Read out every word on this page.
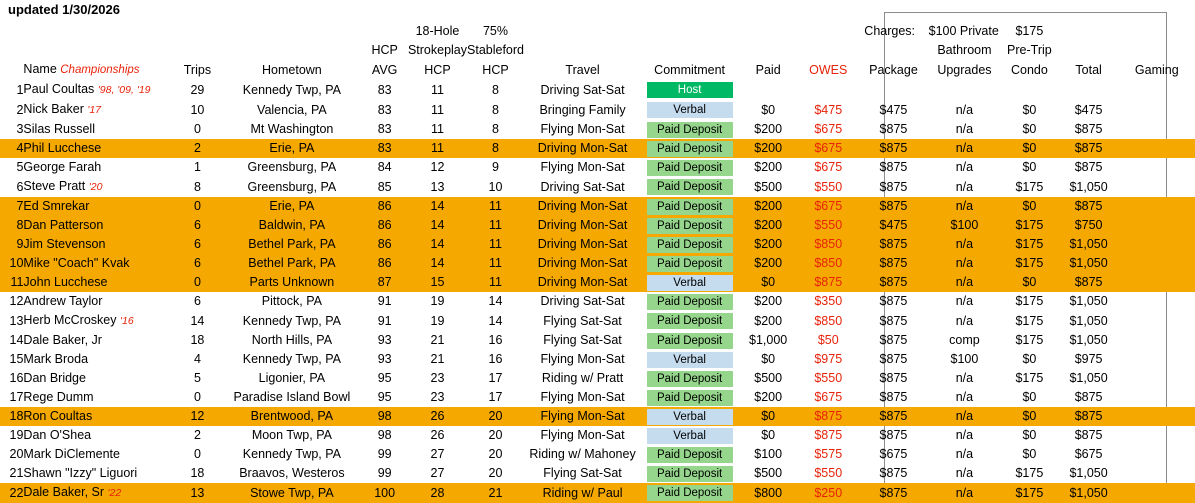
updated 1/30/2026
					18-Hole	75%					Charges:	$100 Private	$175		
				HCP	Strokeplay	Stableford						Bathroom	Pre-Trip		
	Name Championships	Trips	Hometown	AVG	HCP	HCP	Travel	Commitment	Paid	OWES	Package	Upgrades	Condo	Total	Gaming
1	Paul Coultas '98, '09, '19	29	Kennedy Twp, PA	83	11	8	Driving Sat-Sat	Host							

2	Nick Baker '17	10	Valencia, PA	83	11	8	Bringing Family	Verbal	$0	$475	$475	n/a	$0	$475	
3	Silas Russell	0	Mt Washington	83	11	8	Flying Mon-Sat	Paid Deposit	$200	$675	$875	n/a	$0	$875	
4	Phil Lucchese	2	Erie, PA	83	11	8	Driving Mon-Sat	Paid Deposit	$200	$675	$875	n/a	$0	$875	
5	George Farah	1	Greensburg, PA	84	12	9	Flying Mon-Sat	Paid Deposit	$200	$675	$875	n/a	$0	$875	
6	Steve Pratt '20	8	Greensburg, PA	85	13	10	Driving Sat-Sat	Paid Deposit	$500	$550	$875	n/a	$175	$1,050	
7	Ed Smrekar	0	Erie, PA	86	14	11	Driving Mon-Sat	Paid Deposit	$200	$675	$875	n/a	$0	$875	
8	Dan Patterson	6	Baldwin, PA	86	14	11	Driving Mon-Sat	Paid Deposit	$200	$550	$475	$100	$175	$750	
9	Jim Stevenson	6	Bethel Park, PA	86	14	11	Driving Mon-Sat	Paid Deposit	$200	$850	$875	n/a	$175	$1,050	
10	Mike "Coach" Kvak	6	Bethel Park, PA	86	14	11	Driving Mon-Sat	Paid Deposit	$200	$850	$875	n/a	$175	$1,050	
11	John Lucchese	0	Parts Unknown	87	15	11	Driving Mon-Sat	Verbal	$0	$875	$875	n/a	$0	$875	
12	Andrew Taylor	6	Pittock, PA	91	19	14	Driving Sat-Sat	Paid Deposit	$200	$350	$875	n/a	$175	$1,050	
13	Herb McCroskey '16	14	Kennedy Twp, PA	91	19	14	Flying Sat-Sat	Paid Deposit	$200	$850	$875	n/a	$175	$1,050	
14	Dale Baker, Jr	18	North Hills, PA	93	21	16	Flying Sat-Sat	Paid Deposit	$1,000	$50	$875	comp	$175	$1,050	
15	Mark Broda	4	Kennedy Twp, PA	93	21	16	Flying Mon-Sat	Verbal	$0	$975	$875	$100	$0	$975	
16	Dan Bridge	5	Ligonier, PA	95	23	17	Riding w/ Pratt	Paid Deposit	$500	$550	$875	n/a	$175	$1,050	
17	Rege Dumm	0	Paradise Island Bowl	95	23	17	Flying Mon-Sat	Paid Deposit	$200	$675	$875	n/a	$0	$875	
18	Ron Coultas	12	Brentwood, PA	98	26	20	Flying Mon-Sat	Verbal	$0	$875	$875	n/a	$0	$875	
19	Dan O'Shea	2	Moon Twp, PA	98	26	20	Flying Mon-Sat	Verbal	$0	$875	$875	n/a	$0	$875	
20	Mark DiClemente	0	Kennedy Twp, PA	99	27	20	Riding w/ Mahoney	Paid Deposit	$100	$575	$675	n/a	$0	$675	
21	Shawn "Izzy" Liguori	18	Braavos, Westeros	99	27	20	Flying Sat-Sat	Paid Deposit	$500	$550	$875	n/a	$175	$1,050	
22	Dale Baker, Sr '22	13	Stowe Twp, PA	100	28	21	Riding w/ Paul	Paid Deposit	$800	$250	$875	n/a	$175	$1,050	
